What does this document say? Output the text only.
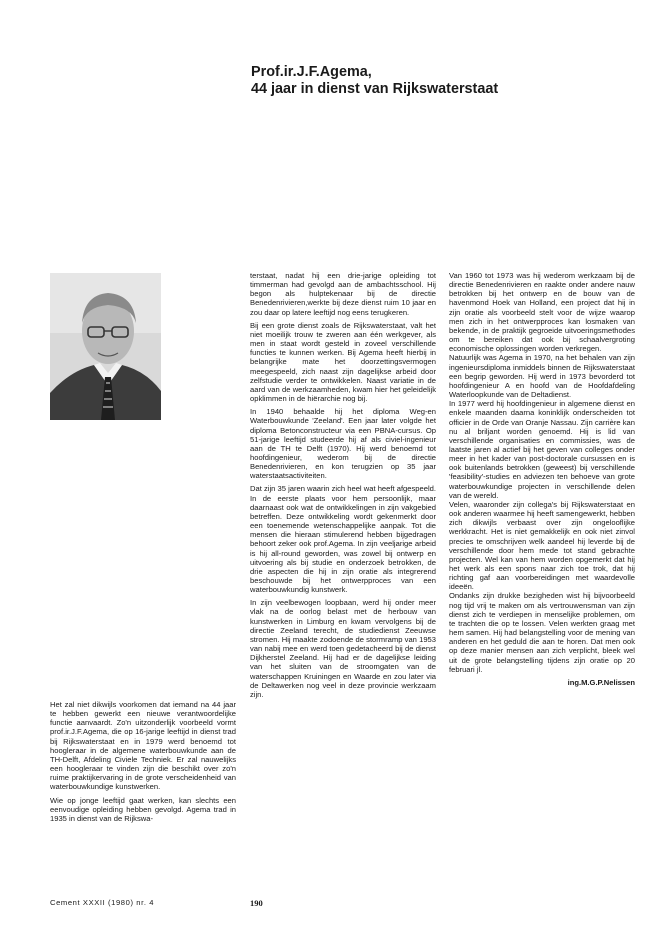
Prof.ir.J.F.Agema,
44 jaar in dienst van Rijkswaterstaat

Het zal niet dikwijls voorkomen dat iemand na 44 jaar te hebben gewerkt een nieuwe verantwoordelijke functie aanvaardt. Zo'n uitzonderlijk voorbeeld vormt prof.ir.J.F.Agema, die op 16-jarige leeftijd in dienst trad bij Rijkswaterstaat en in 1979 werd benoemd tot hoogleraar in de algemene waterbouwkunde aan de TH-Delft, Afdeling Civiele Techniek. Er zal nauwelijks een hoogleraar te vinden zijn die beschikt over zo'n ruime praktijkervaring in de grote verscheidenheid van waterbouwkundige kunstwerken.

Wie op jonge leeftijd gaat werken, kan slechts een eenvoudige opleiding hebben gevolgd. Agema trad in 1935 in dienst van de Rijkswa-

terstaat, nadat hij een drie-jarige opleiding tot timmerman had gevolgd aan de ambachtsschool. Hij begon als hulptekenaar bij de directie Benedenrivieren,werkte bij deze dienst ruim 10 jaar en zou daar op latere leeftijd nog eens terugkeren.

Bij een grote dienst zoals de Rijkswaterstaat, valt het niet moeilijk trouw te zweren aan één werkgever, als men in staat wordt gesteld in zoveel verschillende functies te kunnen werken. Bij Agema heeft hierbij in belangrijke mate het doorzettingsvermogen meegespeeld, zich naast zijn dagelijkse arbeid door zelfstudie verder te ontwikkelen. Naast variatie in de aard van de werkzaamheden, kwam hier het geleidelijk opklimmen in de hiërarchie nog bij.

In 1940 behaalde hij het diploma Weg-en Waterbouwkunde 'Zeeland'. Een jaar later volgde het diploma Betonconstructeur via een PBNA-cursus. Op 51-jarige leeftijd studeerde hij af als civiel-ingenieur aan de TH te Delft (1970). Hij werd benoemd tot hoofdingenieur, wederom bij de directie Benedenrivieren, en kon terugzien op 35 jaar waterstaatsactiviteiten.

Dat zijn 35 jaren waarin zich heel wat heeft afgespeeld. In de eerste plaats voor hem persoonlijk, maar daarnaast ook wat de ontwikkelingen in zijn vakgebied betreffen. Deze ontwikkeling wordt gekenmerkt door een toenemende wetenschappelijke aanpak. Tot die mensen die hieraan stimulerend hebben bijgedragen behoort zeker ook prof.Agema. In zijn veeljarige arbeid is hij all-round geworden, was zowel bij ontwerp en uitvoering als bij studie en onderzoek betrokken, de drie aspecten die hij in zijn oratie als integrerend beschouwde bij het ontwerpproces van een waterbouwkundig kunstwerk.

In zijn veelbewogen loopbaan, werd hij onder meer vlak na de oorlog belast met de herbouw van kunstwerken in Limburg en kwam vervolgens bij de directie Zeeland terecht, de studiedienst Zeeuwse stromen. Hij maakte zodoende de stormramp van 1953 van nabij mee en werd toen gedetacheerd bij de dienst Dijkherstel Zeeland. Hij had er de dagelijkse leiding van het sluiten van de stroomgaten van de waterschappen Kruiningen en Waarde en zou later via de Deltawerken nog veel in deze provincie werkzaam zijn.

Van 1960 tot 1973 was hij wederom werkzaam bij de directie Benedenrivieren en raakte onder andere nauw betrokken bij het ontwerp en de bouw van de havenmond Hoek van Holland, een project dat hij in zijn oratie als voorbeeld stelt voor de wijze waarop men zich in het ontwerpproces kan losmaken van bekende, in de praktijk gegroeide uitvoeringsmethodes om te bereiken dat ook bij schaalvergroting economische oplossingen worden verkregen.
Natuurlijk was Agema in 1970, na het behalen van zijn ingenieursdiploma inmiddels binnen de Rijkswaterstaat een begrip geworden. Hij werd in 1973 bevorderd tot hoofdingenieur A en hoofd van de Hoofdafdeling Waterloopkunde van de Deltadienst.
In 1977 werd hij hoofdingenieur in algemene dienst en enkele maanden daarna koninklijk onderscheiden tot officier in de Orde van Oranje Nassau. Zijn carrière kan nu al briljant worden genoemd. Hij is lid van verschillende organisaties en commissies, was de laatste jaren al actief bij het geven van colleges onder meer in het kader van post-doctorale cursussen en is ook buitenlands betrokken (geweest) bij verschillende 'feasibility'-studies en adviezen ten behoeve van grote waterbouwkundige projecten in verschillende delen van de wereld.
Velen, waaronder zijn collega's bij Rijkswaterstaat en ook anderen waarmee hij heeft samengewerkt, hebben zich dikwijls verbaast over zijn ongelooflijke werkkracht. Het is niet gemakkelijk en ook niet zinvol precies te omschrijven welk aandeel hij leverde bij de verschillende door hem mede tot stand gebrachte projecten. Wel kan van hem worden opgemerkt dat hij het werk als een spons naar zich toe trok, dat hij richting gaf aan voorbereidingen met waardevolle ideeën.
Ondanks zijn drukke bezigheden wist hij bijvoorbeeld nog tijd vrij te maken om als vertrouwensman van zijn dienst zich te verdiepen in menselijke problemen, om te trachten die op te lossen. Velen werkten graag met hem samen. Hij had belangstelling voor de mening van anderen en het geduld die aan te horen. Dat men ook op deze manier mensen aan zich verplicht, bleek wel uit de grote belangstelling tijdens zijn oratie op 20 februari jl.

ing.M.G.P.Nelissen

Cement XXXII (1980) nr. 4	190
